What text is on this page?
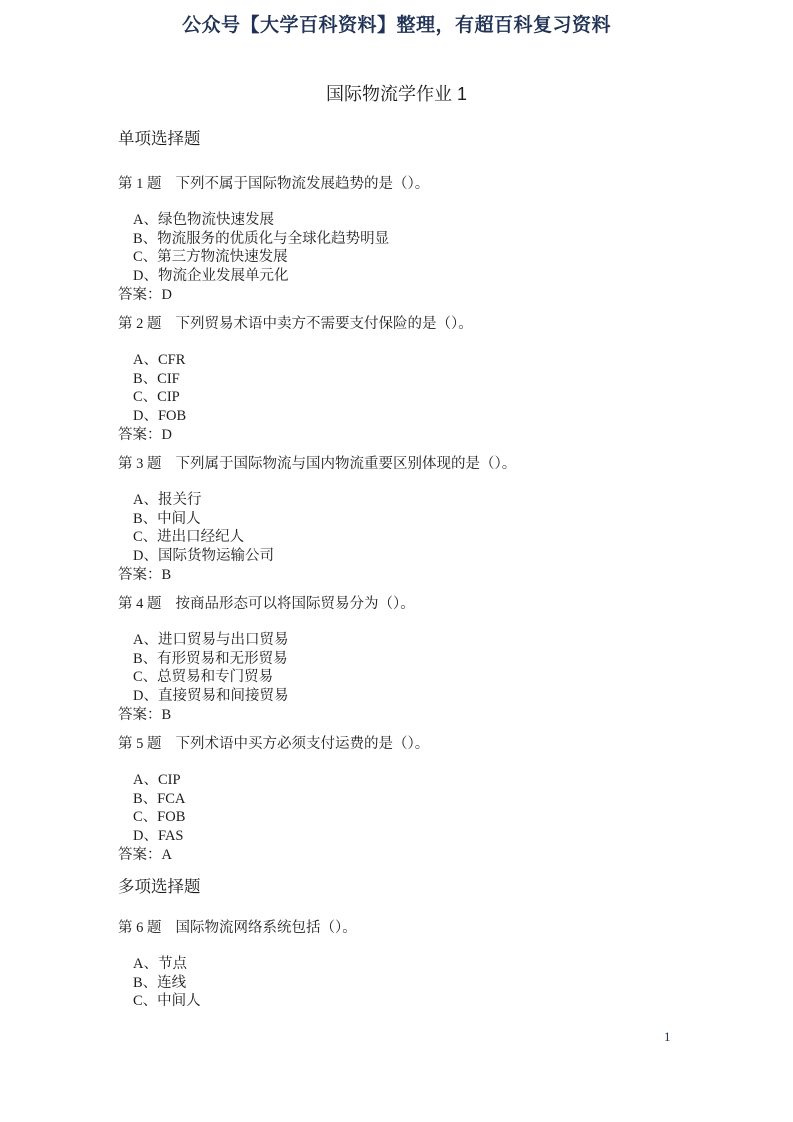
公众号【大学百科资料】整理，有超百科复习资料
国际物流学作业 1
单项选择题

第 1 题 下列不属于国际物流发展趋势的是（）。

A、绿色物流快速发展

B、物流服务的优质化与全球化趋势明显

C、第三方物流快速发展

D、物流企业发展单元化

答案：D

第 2 题 下列贸易术语中卖方不需要支付保险的是（）。

A、CFR

B、CIF

C、CIP

D、FOB

答案：D

第 3 题 下列属于国际物流与国内物流重要区别体现的是（）。

A、报关行

B、中间人

C、进出口经纪人

D、国际货物运输公司

答案：B

第 4 题 按商品形态可以将国际贸易分为（）。

A、进口贸易与出口贸易

B、有形贸易和无形贸易

C、总贸易和专门贸易

D、直接贸易和间接贸易

答案：B

第 5 题 下列术语中买方必须支付运费的是（）。

A、CIP

B、FCA

C、FOB

D、FAS

答案：A

多项选择题

第 6 题 国际物流网络系统包括（）。

A、节点

B、连线

C、中间人

1
